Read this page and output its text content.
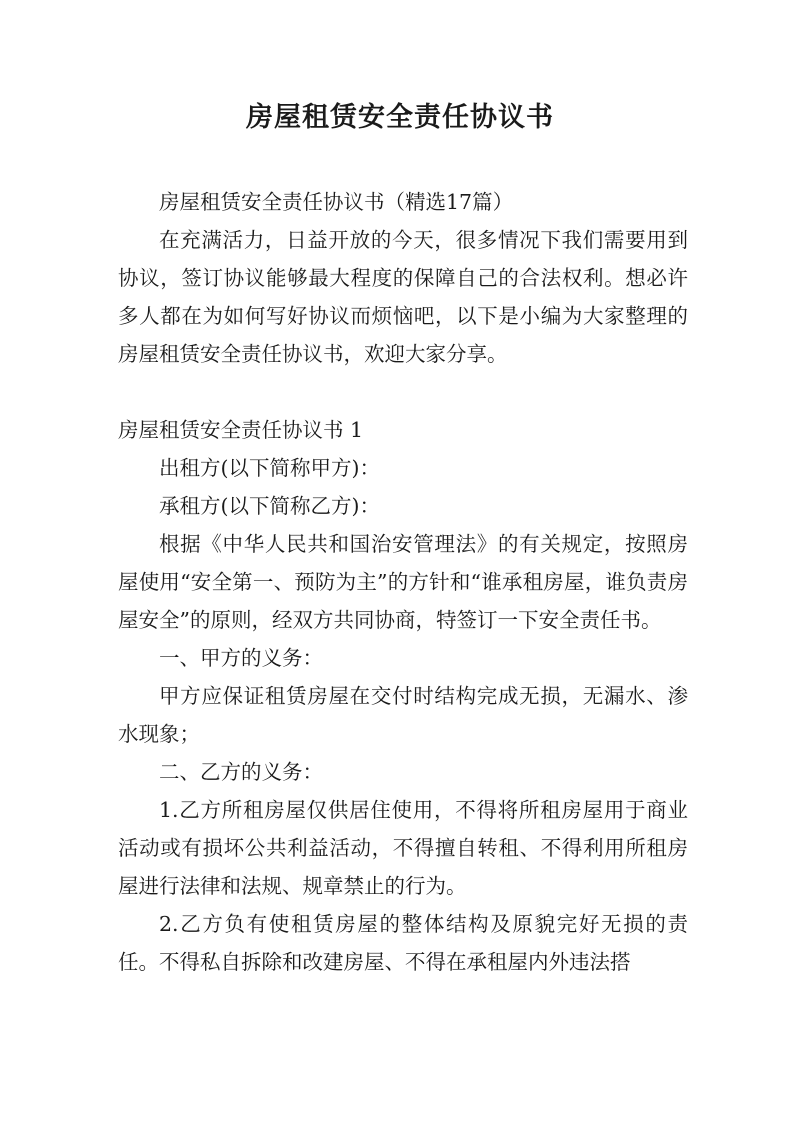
房屋租赁安全责任协议书

房屋租赁安全责任协议书（精选17篇）

在充满活力，日益开放的今天，很多情况下我们需要用到协议，签订协议能够最大程度的保障自己的合法权利。想必许多人都在为如何写好协议而烦恼吧，以下是小编为大家整理的房屋租赁安全责任协议书，欢迎大家分享。

房屋租赁安全责任协议书 1

出租方(以下简称甲方)：

承租方(以下简称乙方)：

根据《中华人民共和国治安管理法》的有关规定，按照房屋使用“安全第一、预防为主”的方针和“谁承租房屋，谁负责房屋安全”的原则，经双方共同协商，特签订一下安全责任书。

一、甲方的义务：

甲方应保证租赁房屋在交付时结构完成无损，无漏水、渗水现象；

二、乙方的义务：

1.乙方所租房屋仅供居住使用，不得将所租房屋用于商业活动或有损坏公共利益活动，不得擅自转租、不得利用所租房屋进行法律和法规、规章禁止的行为。

2.乙方负有使租赁房屋的整体结构及原貌完好无损的责任。不得私自拆除和改建房屋、不得在承租屋内外违法搭
